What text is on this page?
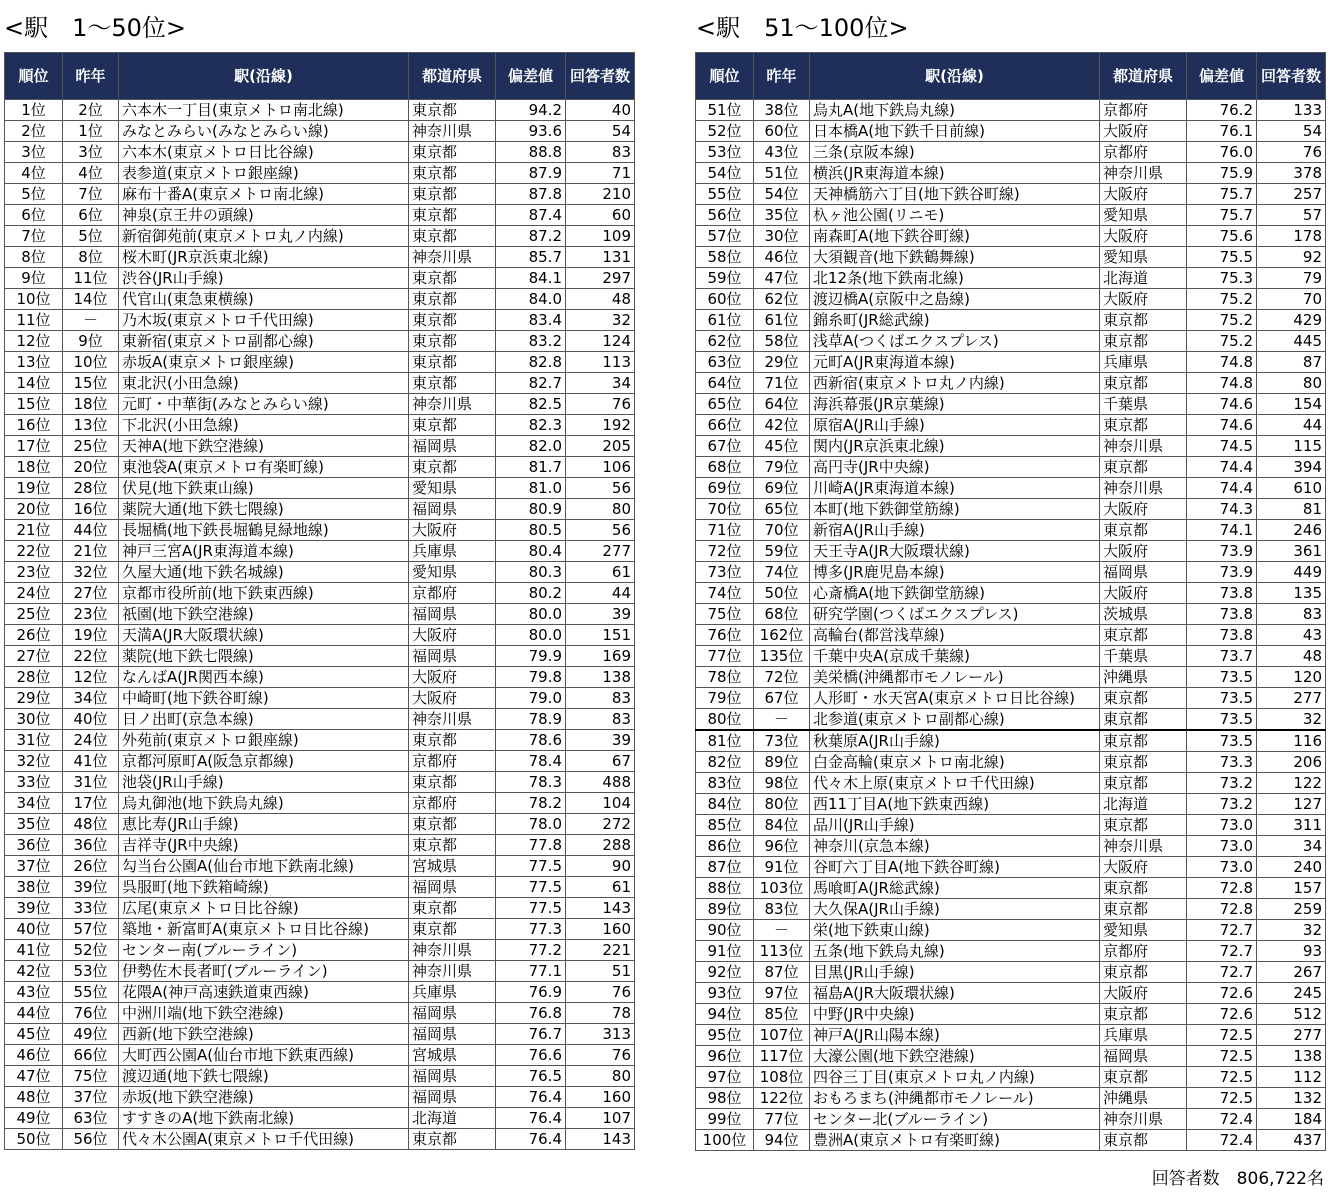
<駅　1～50位>	<駅　51～100位>
順位	昨年	駅(沿線)	都道府県	偏差値	回答者数
1位	2位	六本木一丁目(東京メトロ南北線)	東京都	94.2	40
2位	1位	みなとみらい(みなとみらい線)	神奈川県	93.6	54
3位	3位	六本木(東京メトロ日比谷線)	東京都	88.8	83
4位	4位	表参道(東京メトロ銀座線)	東京都	87.9	71
5位	7位	麻布十番A(東京メトロ南北線)	東京都	87.8	210
6位	6位	神泉(京王井の頭線)	東京都	87.4	60
7位	5位	新宿御苑前(東京メトロ丸ノ内線)	東京都	87.2	109
8位	8位	桜木町(JR京浜東北線)	神奈川県	85.7	131
9位	11位	渋谷(JR山手線)	東京都	84.1	297
10位	14位	代官山(東急東横線)	東京都	84.0	48
11位	－	乃木坂(東京メトロ千代田線)	東京都	83.4	32
12位	9位	東新宿(東京メトロ副都心線)	東京都	83.2	124
13位	10位	赤坂A(東京メトロ銀座線)	東京都	82.8	113
14位	15位	東北沢(小田急線)	東京都	82.7	34
15位	18位	元町・中華街(みなとみらい線)	神奈川県	82.5	76
16位	13位	下北沢(小田急線)	東京都	82.3	192
17位	25位	天神A(地下鉄空港線)	福岡県	82.0	205
18位	20位	東池袋A(東京メトロ有楽町線)	東京都	81.7	106
19位	28位	伏見(地下鉄東山線)	愛知県	81.0	56
20位	16位	薬院大通(地下鉄七隈線)	福岡県	80.9	80
21位	44位	長堀橋(地下鉄長堀鶴見緑地線)	大阪府	80.5	56
22位	21位	神戸三宮A(JR東海道本線)	兵庫県	80.4	277
23位	32位	久屋大通(地下鉄名城線)	愛知県	80.3	61
24位	27位	京都市役所前(地下鉄東西線)	京都府	80.2	44
25位	23位	祇園(地下鉄空港線)	福岡県	80.0	39
26位	19位	天満A(JR大阪環状線)	大阪府	80.0	151
27位	22位	薬院(地下鉄七隈線)	福岡県	79.9	169
28位	12位	なんばA(JR関西本線)	大阪府	79.8	138
29位	34位	中崎町(地下鉄谷町線)	大阪府	79.0	83
30位	40位	日ノ出町(京急本線)	神奈川県	78.9	83
31位	24位	外苑前(東京メトロ銀座線)	東京都	78.6	39
32位	41位	京都河原町A(阪急京都線)	京都府	78.4	67
33位	31位	池袋(JR山手線)	東京都	78.3	488
34位	17位	烏丸御池(地下鉄烏丸線)	京都府	78.2	104
35位	48位	恵比寿(JR山手線)	東京都	78.0	272
36位	36位	吉祥寺(JR中央線)	東京都	77.8	288
37位	26位	勾当台公園A(仙台市地下鉄南北線)	宮城県	77.5	90
38位	39位	呉服町(地下鉄箱崎線)	福岡県	77.5	61
39位	33位	広尾(東京メトロ日比谷線)	東京都	77.5	143
40位	57位	築地・新富町A(東京メトロ日比谷線)	東京都	77.3	160
41位	52位	センター南(ブルーライン)	神奈川県	77.2	221
42位	53位	伊勢佐木長者町(ブルーライン)	神奈川県	77.1	51
43位	55位	花隈A(神戸高速鉄道東西線)	兵庫県	76.9	76
44位	76位	中洲川端(地下鉄空港線)	福岡県	76.8	78
45位	49位	西新(地下鉄空港線)	福岡県	76.7	313
46位	66位	大町西公園A(仙台市地下鉄東西線)	宮城県	76.6	76
47位	75位	渡辺通(地下鉄七隈線)	福岡県	76.5	80
48位	37位	赤坂(地下鉄空港線)	福岡県	76.4	160
49位	63位	すすきのA(地下鉄南北線)	北海道	76.4	107
50位	56位	代々木公園A(東京メトロ千代田線)	東京都	76.4	143
順位	昨年	駅(沿線)	都道府県	偏差値	回答者数
51位	38位	烏丸A(地下鉄烏丸線)	京都府	76.2	133
52位	60位	日本橋A(地下鉄千日前線)	大阪府	76.1	54
53位	43位	三条(京阪本線)	京都府	76.0	76
54位	51位	横浜(JR東海道本線)	神奈川県	75.9	378
55位	54位	天神橋筋六丁目(地下鉄谷町線)	大阪府	75.7	257
56位	35位	杁ヶ池公園(リニモ)	愛知県	75.7	57
57位	30位	南森町A(地下鉄谷町線)	大阪府	75.6	178
58位	46位	大須観音(地下鉄鶴舞線)	愛知県	75.5	92
59位	47位	北12条(地下鉄南北線)	北海道	75.3	79
60位	62位	渡辺橋A(京阪中之島線)	大阪府	75.2	70
61位	61位	錦糸町(JR総武線)	東京都	75.2	429
62位	58位	浅草A(つくばエクスプレス)	東京都	75.2	445
63位	29位	元町A(JR東海道本線)	兵庫県	74.8	87
64位	71位	西新宿(東京メトロ丸ノ内線)	東京都	74.8	80
65位	64位	海浜幕張(JR京葉線)	千葉県	74.6	154
66位	42位	原宿A(JR山手線)	東京都	74.6	44
67位	45位	関内(JR京浜東北線)	神奈川県	74.5	115
68位	79位	高円寺(JR中央線)	東京都	74.4	394
69位	69位	川崎A(JR東海道本線)	神奈川県	74.4	610
70位	65位	本町(地下鉄御堂筋線)	大阪府	74.3	81
71位	70位	新宿A(JR山手線)	東京都	74.1	246
72位	59位	天王寺A(JR大阪環状線)	大阪府	73.9	361
73位	74位	博多(JR鹿児島本線)	福岡県	73.9	449
74位	50位	心斎橋A(地下鉄御堂筋線)	大阪府	73.8	135
75位	68位	研究学園(つくばエクスプレス)	茨城県	73.8	83
76位	162位	高輪台(都営浅草線)	東京都	73.8	43
77位	135位	千葉中央A(京成千葉線)	千葉県	73.7	48
78位	72位	美栄橋(沖縄都市モノレール)	沖縄県	73.5	120
79位	67位	人形町・水天宮A(東京メトロ日比谷線)	東京都	73.5	277
80位	－	北参道(東京メトロ副都心線)	東京都	73.5	32
81位	73位	秋葉原A(JR山手線)	東京都	73.5	116
82位	89位	白金高輪(東京メトロ南北線)	東京都	73.3	206
83位	98位	代々木上原(東京メトロ千代田線)	東京都	73.2	122
84位	80位	西11丁目A(地下鉄東西線)	北海道	73.2	127
85位	84位	品川(JR山手線)	東京都	73.0	311
86位	96位	神奈川(京急本線)	神奈川県	73.0	34
87位	91位	谷町六丁目A(地下鉄谷町線)	大阪府	73.0	240
88位	103位	馬喰町A(JR総武線)	東京都	72.8	157
89位	83位	大久保A(JR山手線)	東京都	72.8	259
90位	－	栄(地下鉄東山線)	愛知県	72.7	32
91位	113位	五条(地下鉄烏丸線)	京都府	72.7	93
92位	87位	目黒(JR山手線)	東京都	72.7	267
93位	97位	福島A(JR大阪環状線)	大阪府	72.6	245
94位	85位	中野(JR中央線)	東京都	72.6	512
95位	107位	神戸A(JR山陽本線)	兵庫県	72.5	277
96位	117位	大濠公園(地下鉄空港線)	福岡県	72.5	138
97位	108位	四谷三丁目(東京メトロ丸ノ内線)	東京都	72.5	112
98位	122位	おもろまち(沖縄都市モノレール)	沖縄県	72.5	132
99位	77位	センター北(ブルーライン)	神奈川県	72.4	184
100位	94位	豊洲A(東京メトロ有楽町線)	東京都	72.4	437
回答者数　806,722名
